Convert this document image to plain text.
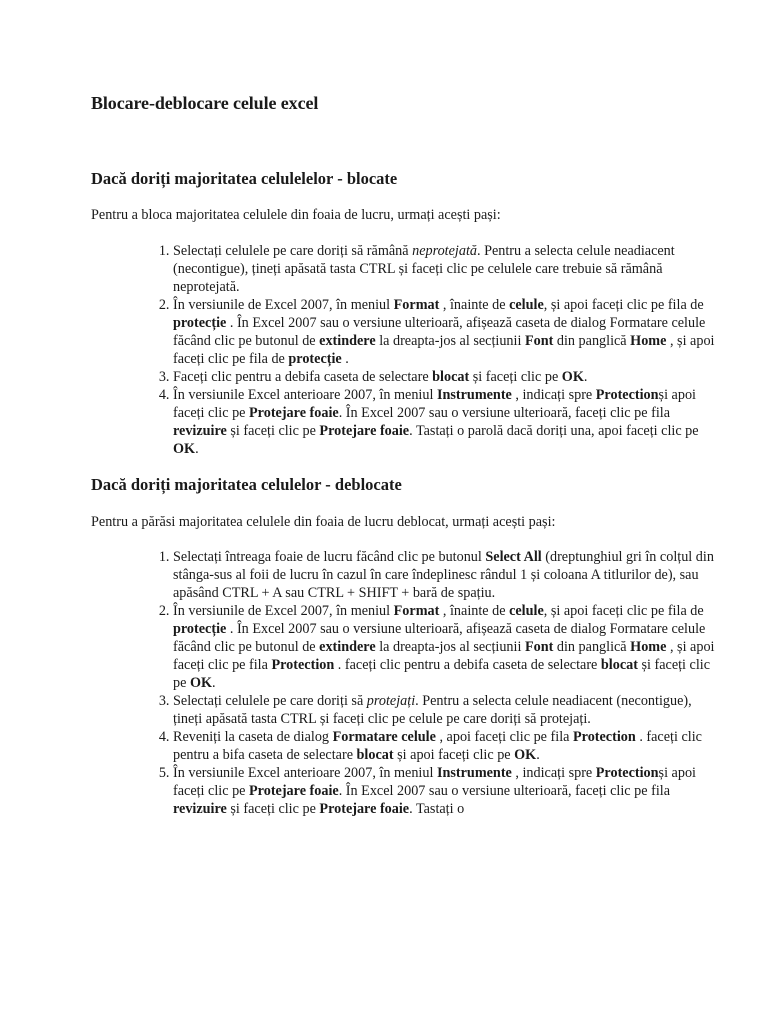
Blocare-deblocare celule excel
Dacă doriți majoritatea celulelelor - blocate

Pentru a bloca majoritatea celulele din foaia de lucru, urmați acești pași:

1. Selectați celulele pe care doriți să rămână neprotejată. Pentru a selecta celule neadiacent (necontigue), țineți apăsată tasta CTRL și faceți clic pe celulele care trebuie să rămână neprotejată.
2. În versiunile de Excel 2007, în meniul Format , înainte de celule, și apoi faceți clic pe fila de protecție . În Excel 2007 sau o versiune ulterioară, afișează caseta de dialog Formatare celule făcând clic pe butonul de extindere la dreapta-jos al secțiunii Font din panglică Home , și apoi faceți clic pe fila de protecție .
3. Faceți clic pentru a debifa caseta de selectare blocat și faceți clic pe OK.
4. În versiunile Excel anterioare 2007, în meniul Instrumente , indicați spre Protectionși apoi faceți clic pe Protejare foaie. În Excel 2007 sau o versiune ulterioară, faceți clic pe fila revizuire și faceți clic pe Protejare foaie. Tastați o parolă dacă doriți una, apoi faceți clic pe OK.
Dacă doriți majoritatea celulelor - deblocate

Pentru a părăsi majoritatea celulele din foaia de lucru deblocat, urmați acești pași:

1. Selectați întreaga foaie de lucru făcând clic pe butonul Select All (dreptunghiul gri în colțul din stânga-sus al foii de lucru în cazul în care îndeplinesc rândul 1 și coloana A titlurilor de), sau apăsând CTRL + A sau CTRL + SHIFT + bară de spațiu.
2. În versiunile de Excel 2007, în meniul Format , înainte de celule, și apoi faceți clic pe fila de protecție . În Excel 2007 sau o versiune ulterioară, afișează caseta de dialog Formatare celule făcând clic pe butonul de extindere la dreapta-jos al secțiunii Font din panglică Home , și apoi faceți clic pe fila Protection . faceți clic pentru a debifa caseta de selectare blocat și faceți clic pe OK.
3. Selectați celulele pe care doriți să protejați. Pentru a selecta celule neadiacent (necontigue), țineți apăsată tasta CTRL și faceți clic pe celule pe care doriți să protejați.
4. Reveniți la caseta de dialog Formatare celule , apoi faceți clic pe fila Protection . faceți clic pentru a bifa caseta de selectare blocat și apoi faceți clic pe OK.
5. În versiunile Excel anterioare 2007, în meniul Instrumente , indicați spre Protectionși apoi faceți clic pe Protejare foaie. În Excel 2007 sau o versiune ulterioară, faceți clic pe fila revizuire și faceți clic pe Protejare foaie. Tastați o
